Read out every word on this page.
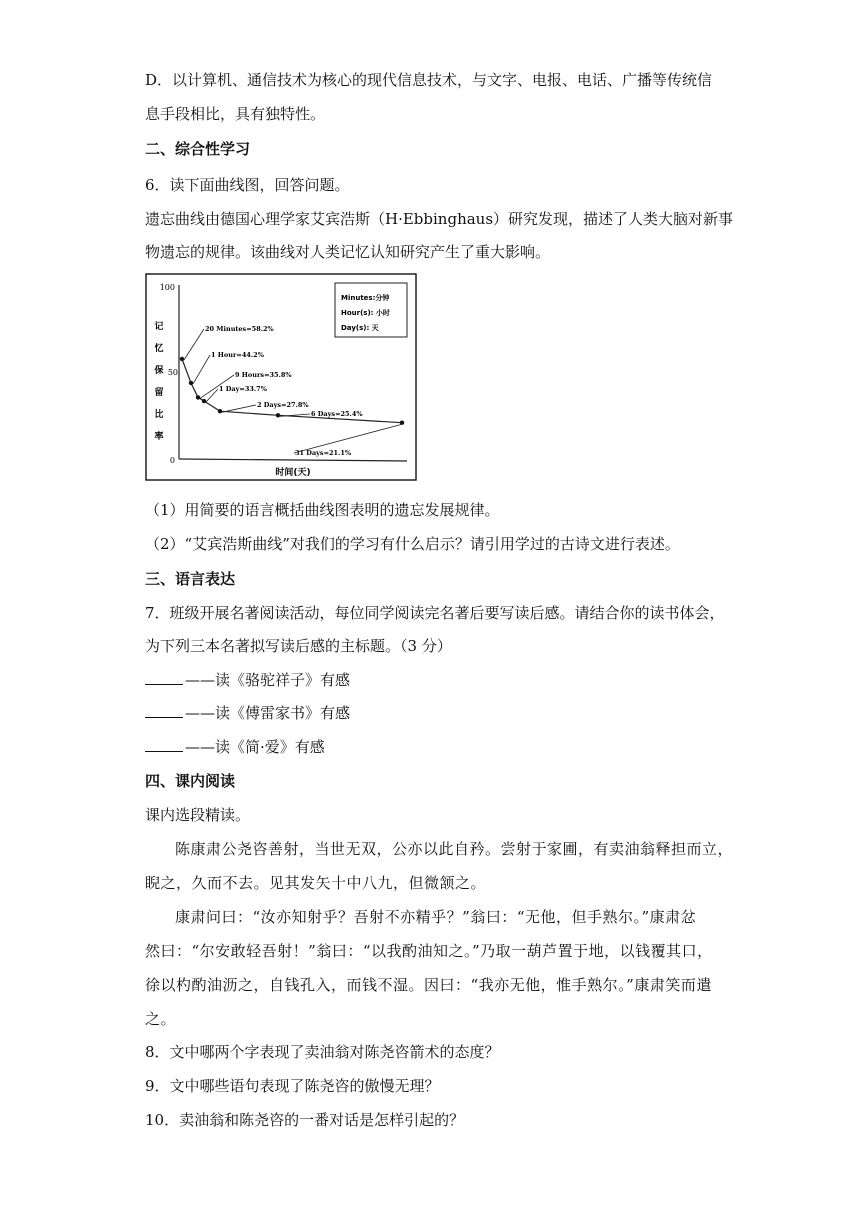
D．以计算机、通信技术为核心的现代信息技术，与文字、电报、电话、广播等传统信
息手段相比，具有独特性。
二、综合性学习
6．读下面曲线图，回答问题。
遗忘曲线由德国心理学家艾宾浩斯（H·Ebbinghaus）研究发现，描述了人类大脑对新事
物遗忘的规律。该曲线对人类记忆认知研究产生了重大影响。
100
50
0
记
忆
保
留
比
率
时间(天)
Minutes:分钟
Hour(s): 小时
Day(s): 天
20 Minutes=58.2%
1 Hour=44.2%
9 Hours=35.8%
1 Day=33.7%
2 Days=27.8%
6 Days=25.4%
31 Days=21.1%
（1）用简要的语言概括曲线图表明的遗忘发展规律。
（2）“艾宾浩斯曲线”对我们的学习有什么启示？请引用学过的古诗文进行表述。
三、语言表达
7．班级开展名著阅读活动，每位同学阅读完名著后要写读后感。请结合你的读书体会，
为下列三本名著拟写读后感的主标题。（3 分）
——读《骆驼祥子》有感
——读《傅雷家书》有感
——读《简·爱》有感
四、课内阅读
课内选段精读。
陈康肃公尧咨善射，当世无双，公亦以此自矜。尝射于家圃，有卖油翁释担而立，
睨之，久而不去。见其发矢十中八九，但微颔之。
康肃问曰：“汝亦知射乎？吾射不亦精乎？”翁曰：“无他，但手熟尔。”康肃忿
然曰：“尔安敢轻吾射！”翁曰：“以我酌油知之。”乃取一葫芦置于地，以钱覆其口，
徐以杓酌油沥之，自钱孔入，而钱不湿。因曰：“我亦无他，惟手熟尔。”康肃笑而遣
之。
8．文中哪两个字表现了卖油翁对陈尧咨箭术的态度？
9．文中哪些语句表现了陈尧咨的傲慢无理？
10．卖油翁和陈尧咨的一番对话是怎样引起的？
